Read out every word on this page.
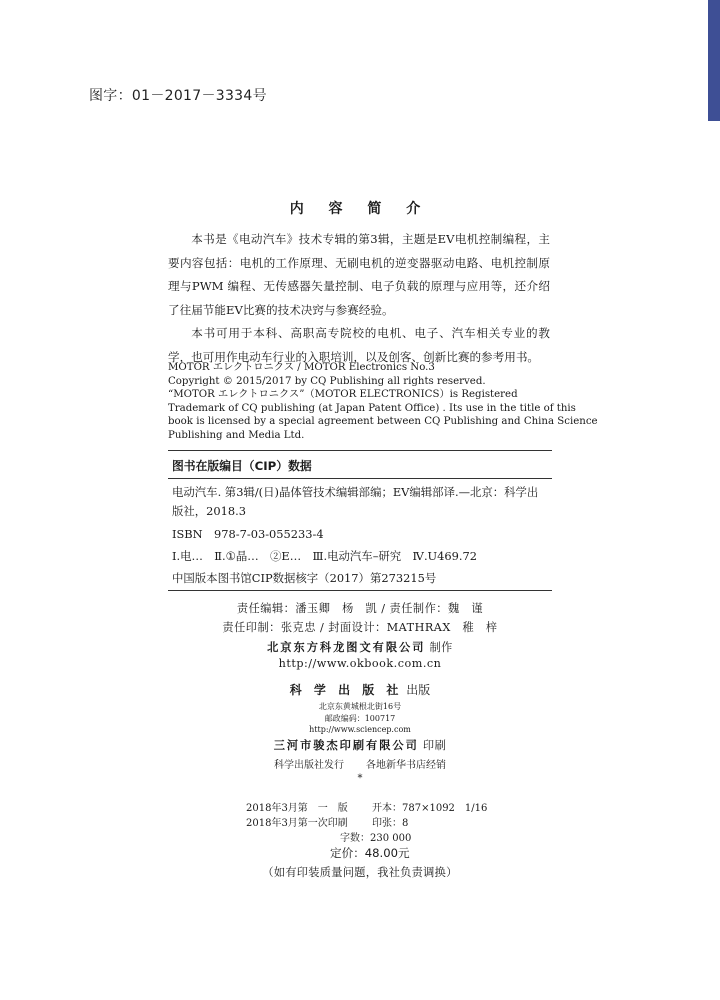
图字：01－2017－3334号
内 容 简 介

本书是《电动汽车》技术专辑的第3辑，主题是EV电机控制编程，主要内容包括：电机的工作原理、无刷电机的逆变器驱动电路、电机控制原理与PWM 编程、无传感器矢量控制、电子负载的原理与应用等，还介绍了往届节能EV比赛的技术决窍与参赛经验。

本书可用于本科、高职高专院校的电机、电子、汽车相关专业的教学，也可用作电动车行业的入职培训，以及创客、创新比赛的参考用书。

MOTOR エレクトロニクス / MOTOR Electronics No.3
Copyright © 2015/2017 by CQ Publishing all rights reserved.
“MOTOR エレクトロニクス”（MOTOR ELECTRONICS）is Registered
Trademark of CQ publishing (at Japan Patent Office) . Its use in the title of this
book is licensed by a special agreement between CQ Publishing and China Science
Publishing and Media Ltd.
图书在版编目（CIP）数据
电动汽车. 第3辑/(日)晶体管技术编辑部编；EV编辑部译.—北京：科学出
版社，2018.3
ISBN　978-7-03-055233-4
Ⅰ.电…　Ⅱ.①晶…　②E…　Ⅲ.电动汽车–研究　Ⅳ.U469.72
中国版本图书馆CIP数据核字（2017）第273215号
责任编辑：潘玉卿　杨　凯 / 责任制作：魏　谨
责任印制：张克忠 / 封面设计：MATHRAX　稚　梓
北京东方科龙图文有限公司 制作
http://www.okbook.com.cn
科 学 出 版 社 出版
北京东黄城根北街16号
邮政编码：100717
http://www.sciencep.com
三河市骏杰印刷有限公司 印刷
科学出版社发行 各地新华书店经销
*
2018年3月第　一　版 开本：787×1092　1/16
2018年3月第一次印刷 印张：8
字数：230 000
定价：48.00元
（如有印装质量问题，我社负责调换）
